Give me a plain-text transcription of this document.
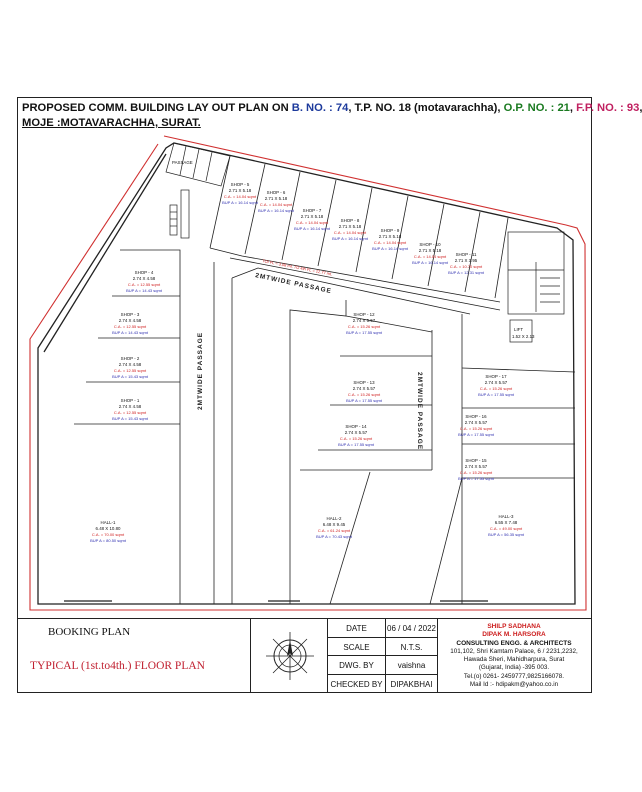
PROPOSED COMM. BUILDING LAY OUT PLAN ON B. NO. : 74, T.P. NO. 18 (motavarachha), O.P. NO. : 21, F.P. NO. : 93
MOJE :MOTAVARACHHA, SURAT.
PASSAGE
LIFT
1.52 X 2.13
2MTWIDE PASSAGE
2MTWIDE PASSAGE
2MTWIDE PASSAGE
TOI FL = 3.08 mt. TO 4th FL = 12.77 mt.
SHOP - 1
2.74 X 4.58
C.A. = 12.55 sqmt
BUP A = 15.43 sqmt
SHOP - 2
2.74 X 4.58
C.A. = 12.55 sqmt
BUP A = 15.43 sqmt
SHOP - 3
2.74 X 4.58
C.A. = 12.55 sqmt
BUP A = 14.43 sqmt
SHOP - 4
2.74 X 4.58
C.A. = 12.55 sqmt
BUP A = 14.43 sqmt
SHOP - 5
2.71 X 5.18
C.A. = 14.04 sqmt
BUP A = 16.14 sqmt
SHOP - 6
2.71 X 5.18
C.A. = 14.04 sqmt
BUP A = 16.14 sqmt SHOP - 7
2.71 X 5.18
C.A. = 14.04 sqmt
BUP A = 16.14 sqmt
SHOP - 8
2.71 X 5.18
C.A. = 14.04 sqmt
BUP A = 16.14 sqmt
SHOP - 9
2.71 X 5.18
C.A. = 14.04 sqmt
BUP A = 16.14 sqmt
SHOP - 10
2.71 X 5.18
C.A. = 14.04 sqmt
BUP A = 16.14 sqmt
SHOP - 11
2.71 X 3.95
C.A. = 10.70 sqmt
BUP A = 12.31 sqmt
SHOP - 12
2.74 X 5.57
C.A. = 15.26 sqmt
BUP A = 17.55 sqmt
SHOP - 13
2.74 X 5.57
C.A. = 15.26 sqmt
BUP A = 17.55 sqmt
SHOP - 14
2.74 X 5.57
C.A. = 15.26 sqmt
BUP A = 17.55 sqmt
SHOP - 15
2.74 X 5.57
C.A. = 15.26 sqmt
BUP A = 17.55 sqmt
SHOP - 16
2.74 X 5.57
C.A. = 15.26 sqmt
BUP A = 17.55 sqmt
SHOP - 17
2.74 X 5.57
C.A. = 15.26 sqmt
BUP A = 17.55 sqmt
HALL-1
6.48 X 10.80
C.A. = 70.00 sqmt
BUP A = 80.50 sqmt
HALL-2
6.48 X 9.45
C.A. = 61.24 sqmt
BUP A = 70.43 sqmt
HALL-3
6.55 X 7.48
C.A. = 49.00 sqmt
BUP A = 56.35 sqmt
BOOKING PLAN
TYPICAL (1st.to4th.) FLOOR PLAN
DATE	06 / 04 / 2022
SCALE	N.T.S.
DWG. BY	vaishna
CHECKED BY DIPAKBHAI
SHILP SADHANA
DIPAK M. HARSORA
CONSULTING ENGG. & ARCHITECTS
101,102, Shri Kamtam Palace, 6 / 2231,2232,
Hawada Sheri, Mahidharpura, Surat
(Gujarat, India) -395 003.
Tel.(o) 0261- 2459777,9825166078.
Mail Id :- hdipakm@yahoo.co.in
